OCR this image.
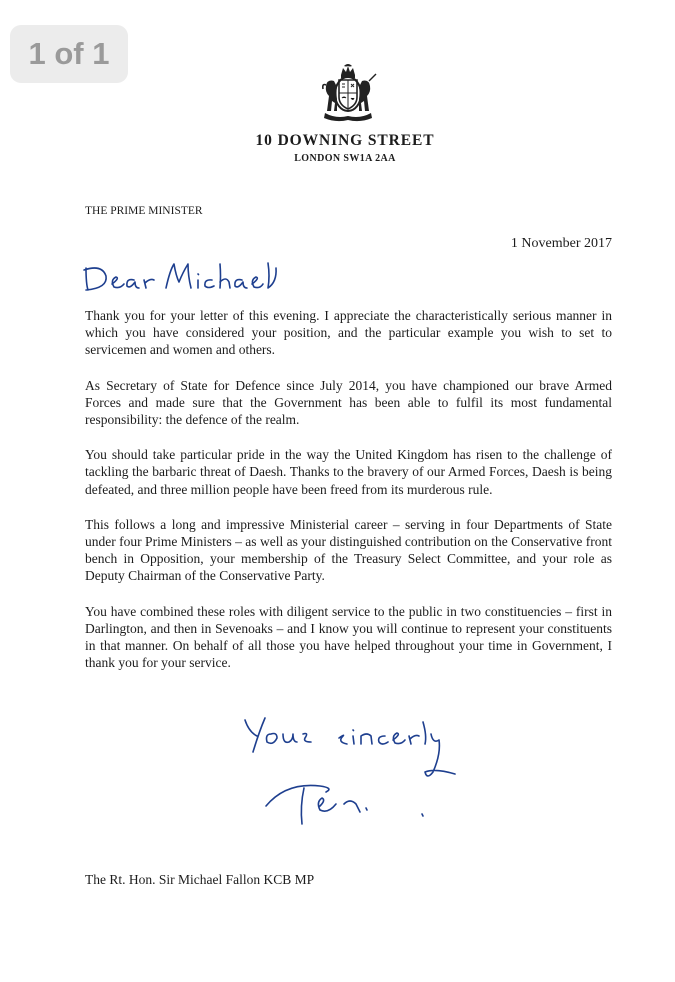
1 of 1
10 DOWNING STREET
LONDON SW1A 2AA
THE PRIME MINISTER
1 November 2017

Thank you for your letter of this evening. I appreciate the characteristically serious manner in which you have considered your position, and the particular example you wish to set to servicemen and women and others.

As Secretary of State for Defence since July 2014, you have championed our brave Armed Forces and made sure that the Government has been able to fulfil its most fundamental responsibility: the defence of the realm.

You should take particular pride in the way the United Kingdom has risen to the challenge of tackling the barbaric threat of Daesh. Thanks to the bravery of our Armed Forces, Daesh is being defeated, and three million people have been freed from its murderous rule.

This follows a long and impressive Ministerial career – serving in four Departments of State under four Prime Ministers – as well as your distinguished contribution on the Conservative front bench in Opposition, your membership of the Treasury Select Committee, and your role as Deputy Chairman of the Conservative Party.

You have combined these roles with diligent service to the public in two constituencies – first in Darlington, and then in Sevenoaks – and I know you will continue to represent your constituents in that manner. On behalf of all those you have helped throughout your time in Government, I thank you for your service.

The Rt. Hon. Sir Michael Fallon KCB MP
